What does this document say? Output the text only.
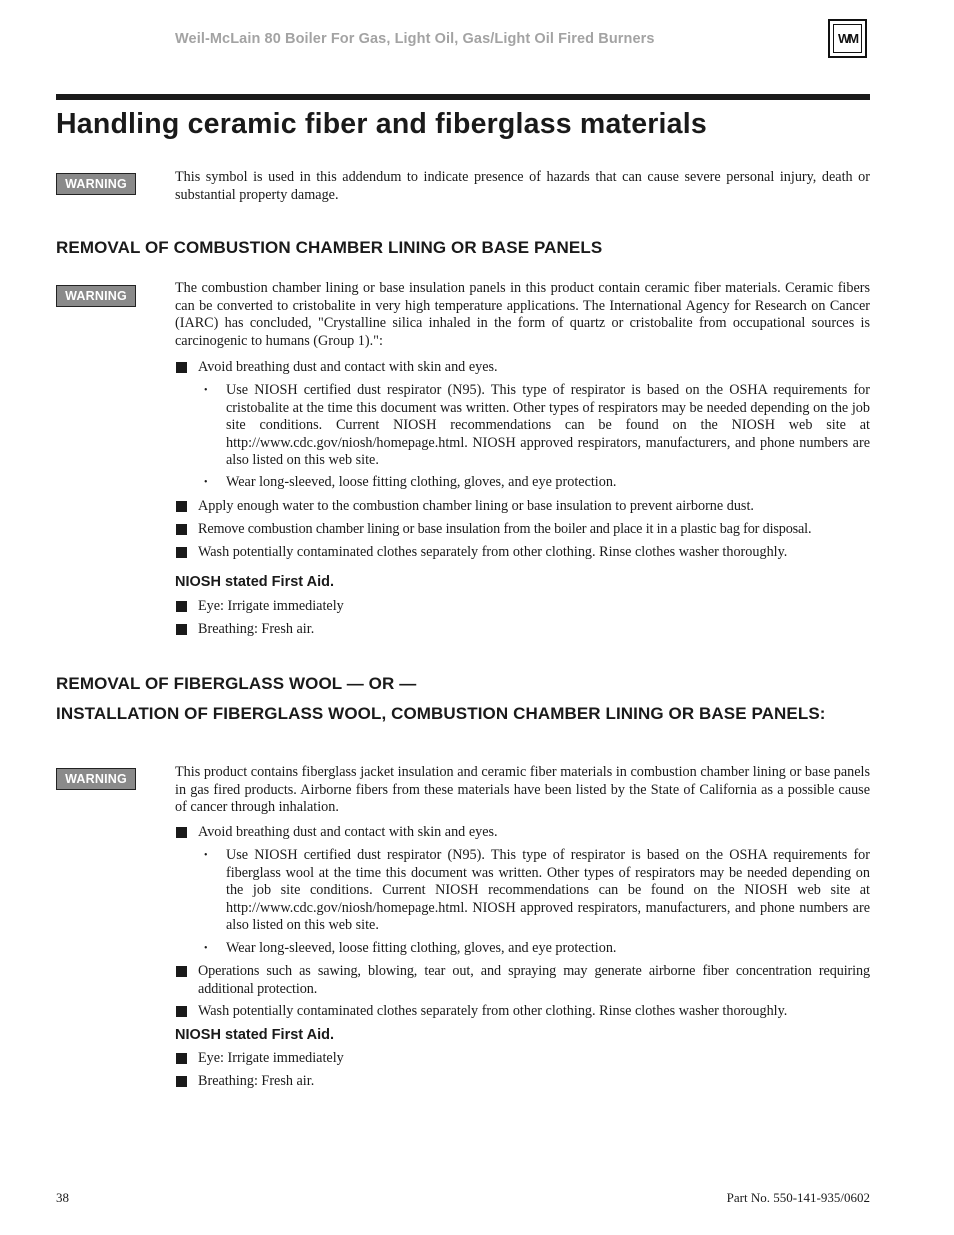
Weil-McLain 80 Boiler For Gas, Light Oil, Gas/Light Oil Fired Burners	WM
Handling ceramic fiber and fiberglass materials
WARNING	This symbol is used in this addendum to indicate presence of hazards that can cause severe personal injury, death or substantial property damage.
REMOVAL OF COMBUSTION CHAMBER LINING OR BASE PANELS
WARNING	The combustion chamber lining or base insulation panels in this product contain ceramic fiber materials. Ceramic fibers can be converted to cristobalite in very high temperature applications. The International Agency for Research on Cancer (IARC) has concluded, "Crystalline silica inhaled in the form of quartz or cristobalite from occupational sources is carcinogenic to humans (Group 1).":
Avoid breathing dust and contact with skin and eyes.
• Use NIOSH certified dust respirator (N95). This type of respirator is based on the OSHA requirements for cristobalite at the time this document was written. Other types of respirators may be needed depending on the job site conditions. Current NIOSH recommendations can be found on the NIOSH web site at http://www.cdc.gov/niosh/homepage.html. NIOSH approved respirators, manufacturers, and phone numbers are also listed on this web site.
• Wear long-sleeved, loose fitting clothing, gloves, and eye protection.
Apply enough water to the combustion chamber lining or base insulation to prevent airborne dust.
Remove combustion chamber lining or base insulation from the boiler and place it in a plastic bag for disposal.
Wash potentially contaminated clothes separately from other clothing. Rinse clothes washer thoroughly.
NIOSH stated First Aid.
Eye: Irrigate immediately
Breathing: Fresh air.
REMOVAL OF FIBERGLASS WOOL — OR —
INSTALLATION OF FIBERGLASS WOOL, COMBUSTION CHAMBER LINING OR BASE PANELS:
WARNING	This product contains fiberglass jacket insulation and ceramic fiber materials in combustion chamber lining or base panels in gas fired products. Airborne fibers from these materials have been listed by the State of California as a possible cause of cancer through inhalation.
Avoid breathing dust and contact with skin and eyes.
• Use NIOSH certified dust respirator (N95). This type of respirator is based on the OSHA requirements for fiberglass wool at the time this document was written. Other types of respirators may be needed depending on the job site conditions. Current NIOSH recommendations can be found on the NIOSH web site at http://www.cdc.gov/niosh/homepage.html. NIOSH approved respirators, manufacturers, and phone numbers are also listed on this web site.
• Wear long-sleeved, loose fitting clothing, gloves, and eye protection.
Operations such as sawing, blowing, tear out, and spraying may generate airborne fiber concentration requiring additional protection.
Wash potentially contaminated clothes separately from other clothing. Rinse clothes washer thoroughly.
NIOSH stated First Aid.
Eye: Irrigate immediately
Breathing: Fresh air.
38	Part No. 550-141-935/0602
